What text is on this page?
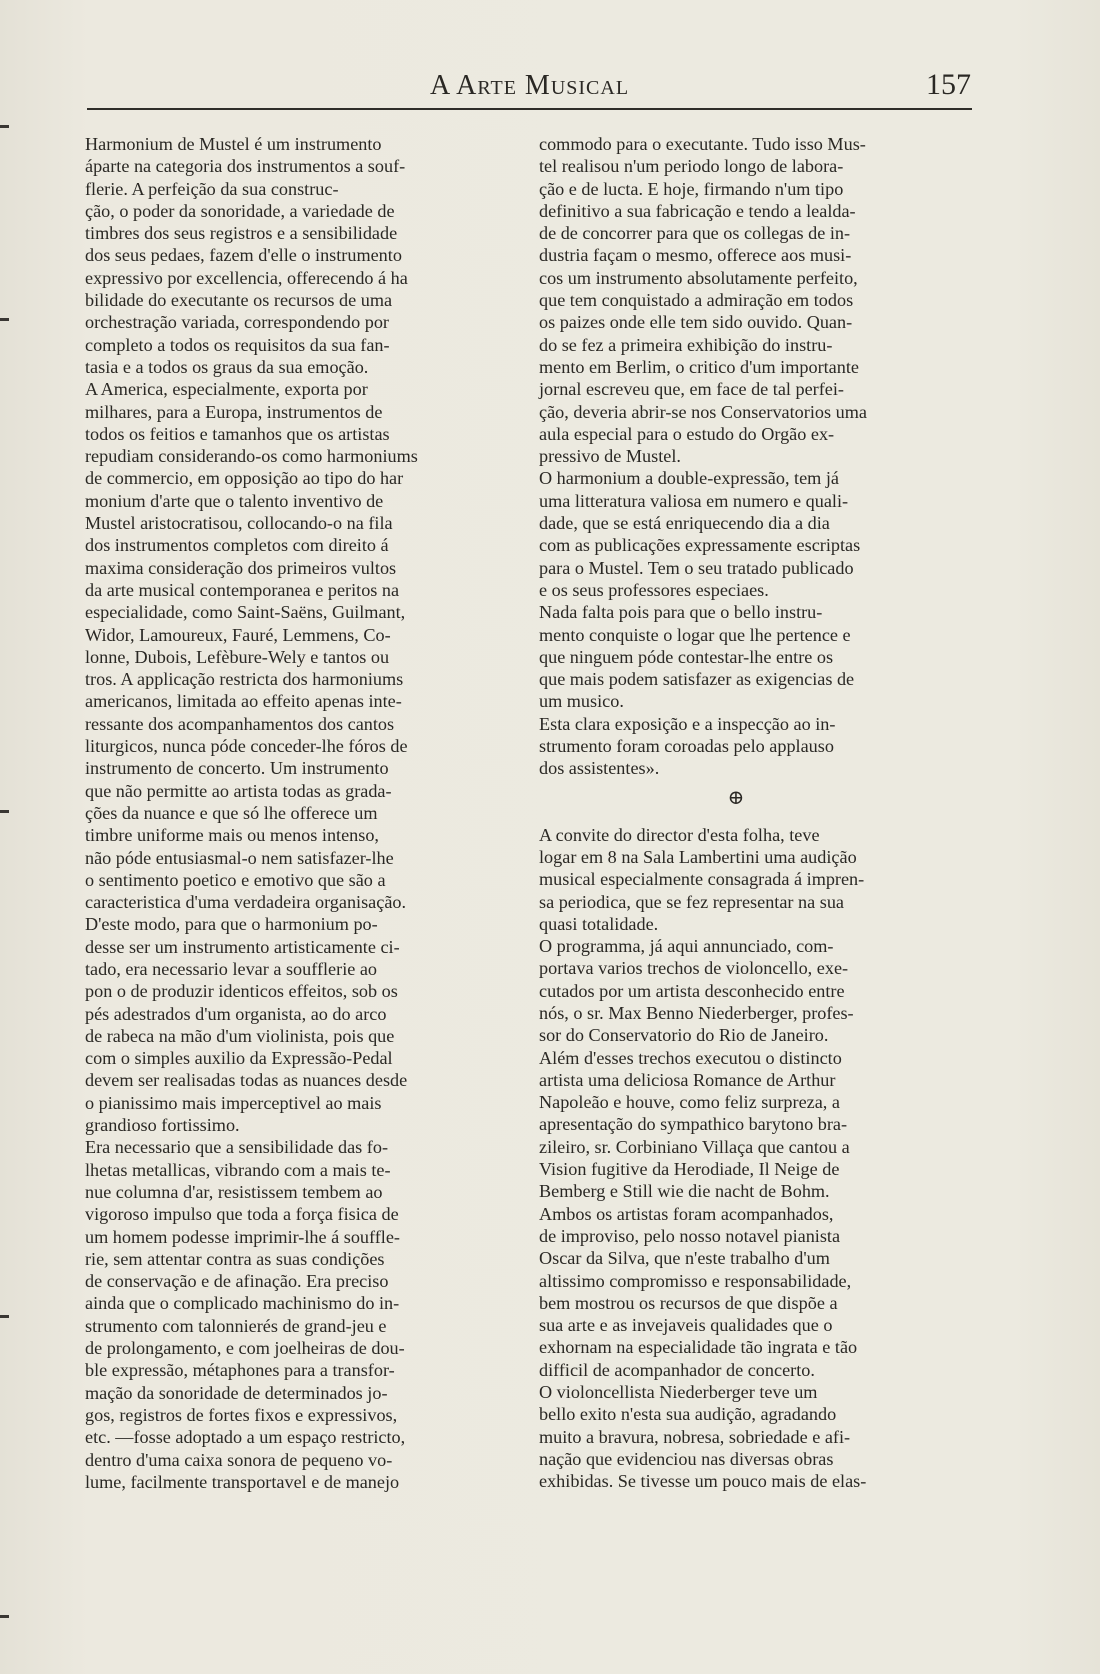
A Arte Musical	157
Harmonium de Mustel é um instrumento
áparte na categoria dos instrumentos a souf-
flerie. A perfeição da sua construc-
ção, o poder da sonoridade, a variedade de
timbres dos seus registros e a sensibilidade
dos seus pedaes, fazem d'elle o instrumento
expressivo por excellencia, offerecendo á ha
bilidade do executante os recursos de uma
orchestração variada, correspondendo por
completo a todos os requisitos da sua fan-
tasia e a todos os graus da sua emoção.
A America, especialmente, exporta por
milhares, para a Europa, instrumentos de
todos os feitios e tamanhos que os artistas
repudiam considerando-os como harmoniums
de commercio, em opposição ao tipo do har
monium d'arte que o talento inventivo de
Mustel aristocratisou, collocando-o na fila
dos instrumentos completos com direito á
maxima consideração dos primeiros vultos
da arte musical contemporanea e peritos na
especialidade, como Saint-Saëns, Guilmant,
Widor, Lamoureux, Fauré, Lemmens, Co-
lonne, Dubois, Lefèbure-Wely e tantos ou
tros. A applicação restricta dos harmoniums
americanos, limitada ao effeito apenas inte-
ressante dos acompanhamentos dos cantos
liturgicos, nunca póde conceder-lhe fóros de
instrumento de concerto. Um instrumento
que não permitte ao artista todas as grada-
ções da nuance e que só lhe offerece um
timbre uniforme mais ou menos intenso,
não póde entusiasmal-o nem satisfazer-lhe
o sentimento poetico e emotivo que são a
caracteristica d'uma verdadeira organisação.
D'este modo, para que o harmonium po-
desse ser um instrumento artisticamente ci-
tado, era necessario levar a soufflerie ao
pon o de produzir identicos effeitos, sob os
pés adestrados d'um organista, ao do arco
de rabeca na mão d'um violinista, pois que
com o simples auxilio da Expressão-Pedal
devem ser realisadas todas as nuances desde
o pianissimo mais imperceptivel ao mais
grandioso fortissimo.
Era necessario que a sensibilidade das fo-
lhetas metallicas, vibrando com a mais te-
nue columna d'ar, resistissem tembem ao
vigoroso impulso que toda a força fisica de
um homem podesse imprimir-lhe á souffle-
rie, sem attentar contra as suas condições
de conservação e de afinação. Era preciso
ainda que o complicado machinismo do in-
strumento com talonnierés de grand-jeu e
de prolongamento, e com joelheiras de dou-
ble expressão, métaphones para a transfor-
mação da sonoridade de determinados jo-
gos, registros de fortes fixos e expressivos,
etc. —fosse adoptado a um espaço restricto,
dentro d'uma caixa sonora de pequeno vo-
lume, facilmente transportavel e de manejo
commodo para o executante. Tudo isso Mus-
tel realisou n'um periodo longo de labora-
ção e de lucta. E hoje, firmando n'um tipo
definitivo a sua fabricação e tendo a lealda-
de de concorrer para que os collegas de in-
dustria façam o mesmo, offerece aos musi-
cos um instrumento absolutamente perfeito,
que tem conquistado a admiração em todos
os paizes onde elle tem sido ouvido. Quan-
do se fez a primeira exhibição do instru-
mento em Berlim, o critico d'um importante
jornal escreveu que, em face de tal perfei-
ção, deveria abrir-se nos Conservatorios uma
aula especial para o estudo do Orgão ex-
pressivo de Mustel.
O harmonium a double-expressão, tem já
uma litteratura valiosa em numero e quali-
dade, que se está enriquecendo dia a dia
com as publicações expressamente escriptas
para o Mustel. Tem o seu tratado publicado
e os seus professores especiaes.
Nada falta pois para que o bello instru-
mento conquiste o logar que lhe pertence e
que ninguem póde contestar-lhe entre os
que mais podem satisfazer as exigencias de
um musico.
Esta clara exposição e a inspecção ao in-
strumento foram coroadas pelo applauso
dos assistentes».
⊕
A convite do director d'esta folha, teve
logar em 8 na Sala Lambertini uma audição
musical especialmente consagrada á impren-
sa periodica, que se fez representar na sua
quasi totalidade.
O programma, já aqui annunciado, com-
portava varios trechos de violoncello, exe-
cutados por um artista desconhecido entre
nós, o sr. Max Benno Niederberger, profes-
sor do Conservatorio do Rio de Janeiro.
Além d'esses trechos executou o distincto
artista uma deliciosa Romance de Arthur
Napoleão e houve, como feliz surpreza, a
apresentação do sympathico barytono bra-
zileiro, sr. Corbiniano Villaça que cantou a
Vision fugitive da Herodiade, Il Neige de
Bemberg e Still wie die nacht de Bohm.
Ambos os artistas foram acompanhados,
de improviso, pelo nosso notavel pianista
Oscar da Silva, que n'este trabalho d'um
altissimo compromisso e responsabilidade,
bem mostrou os recursos de que dispõe a
sua arte e as invejaveis qualidades que o
exhornam na especialidade tão ingrata e tão
difficil de acompanhador de concerto.
O violoncellista Niederberger teve um
bello exito n'esta sua audição, agradando
muito a bravura, nobresa, sobriedade e afi-
nação que evidenciou nas diversas obras
exhibidas. Se tivesse um pouco mais de elas-
